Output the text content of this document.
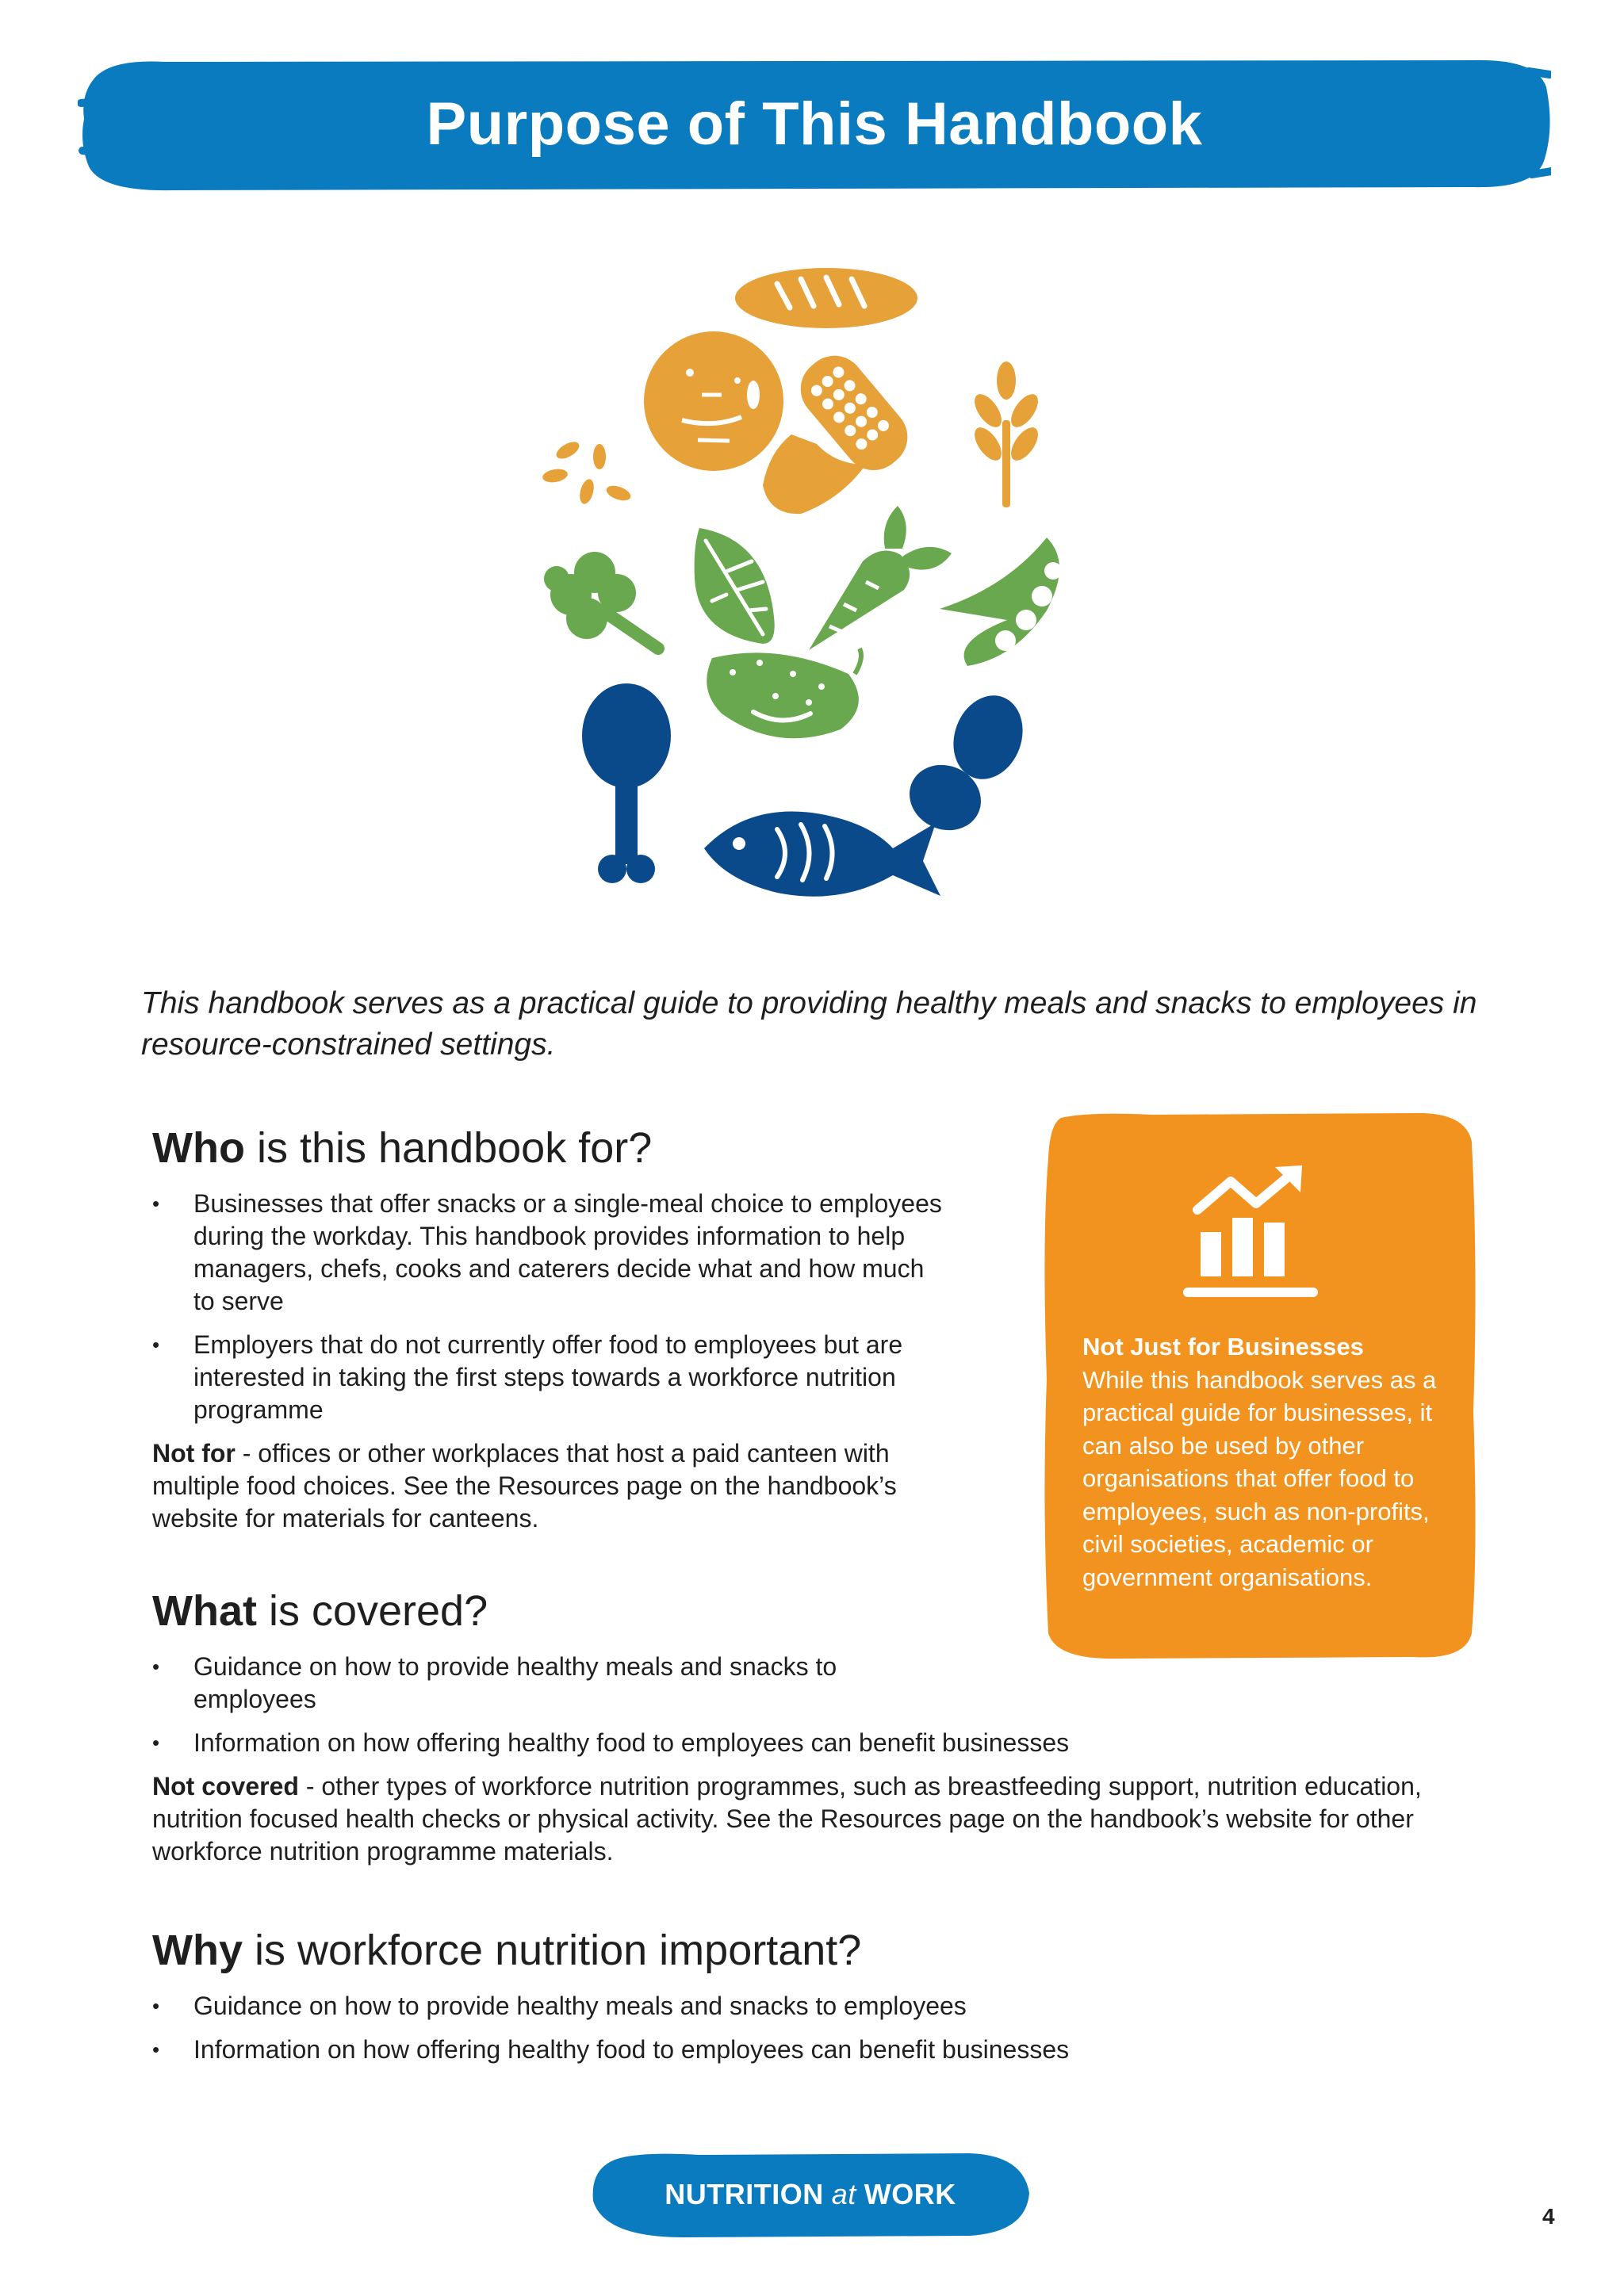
Purpose of This Handbook
This handbook serves as a practical guide to providing healthy meals and snacks to employees in resource-constrained settings.
Who is this handbook for?
• Businesses that offer snacks or a single-meal choice to employees during the workday. This handbook provides information to help managers, chefs, cooks and caterers decide what and how much to serve
• Employers that do not currently offer food to employees but are interested in taking the first steps towards a workforce nutrition programme
Not for - offices or other workplaces that host a paid canteen with multiple food choices. See the Resources page on the handbook’s website for materials for canteens.
What is covered?
• Guidance on how to provide healthy meals and snacks to employees
• Information on how offering healthy food to employees can benefit businesses
Not covered - other types of workforce nutrition programmes, such as breastfeeding support, nutrition education, nutrition focused health checks or physical activity. See the Resources page on the handbook’s website for other workforce nutrition programme materials.
Why is workforce nutrition important?
• Guidance on how to provide healthy meals and snacks to employees
• Information on how offering healthy food to employees can benefit businesses
Not Just for Businesses
While this handbook serves as a practical guide for businesses, it can also be used by other organisations that offer food to employees, such as non-profits, civil societies, academic or government organisations.
NUTRITION at WORK
4
